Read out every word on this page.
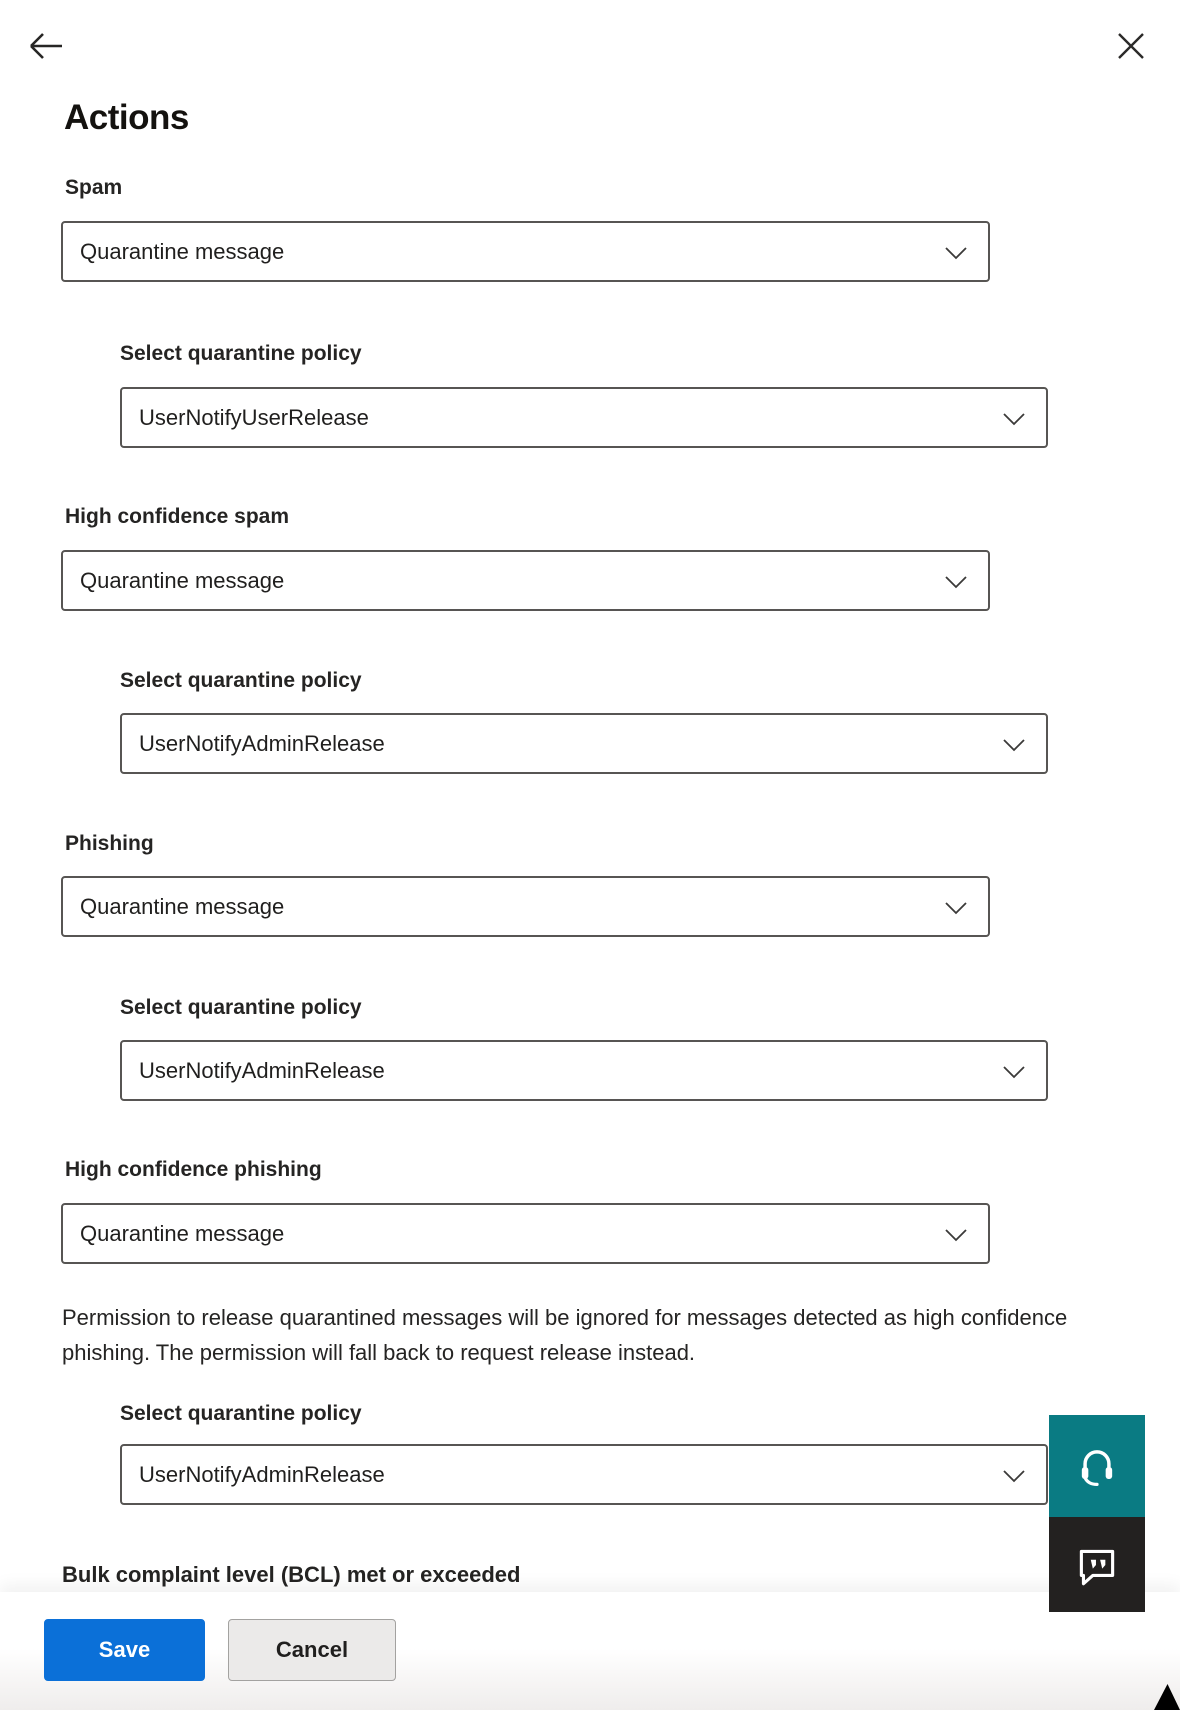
Actions
Spam
Quarantine message
Select quarantine policy
UserNotifyUserRelease
High confidence spam
Quarantine message
Select quarantine policy
UserNotifyAdminRelease
Phishing
Quarantine message
Select quarantine policy
UserNotifyAdminRelease
High confidence phishing
Quarantine message
Permission to release quarantined messages will be ignored for messages detected as high confidence phishing. The permission will fall back to request release instead.
Select quarantine policy
UserNotifyAdminRelease
Bulk complaint level (BCL) met or exceeded
Save	Cancel
